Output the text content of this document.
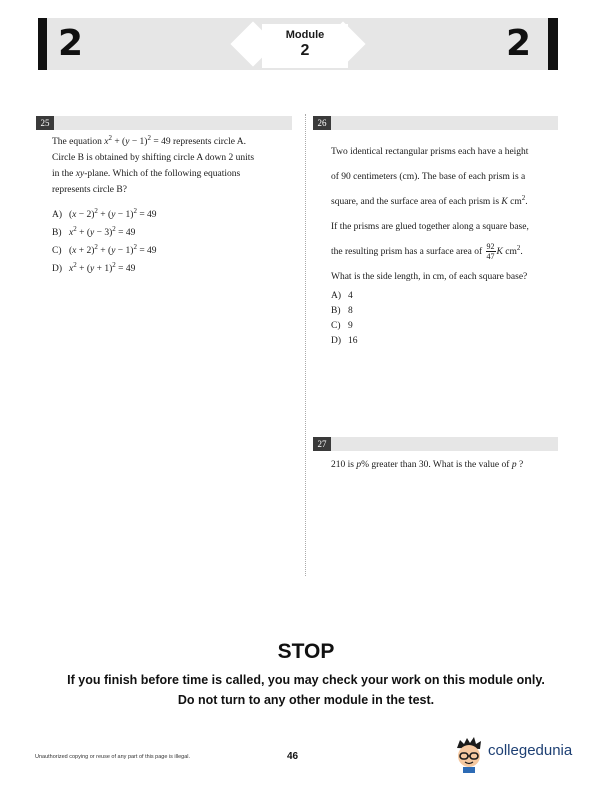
2	2
Module
2
25
The equation $x^2 + (y - 1)^2 = 49$ represents circle A.
Circle B is obtained by shifting circle A down 2 units
in the xy-plane. Which of the following equations
represents circle B?
A) $(x - 2)^2 + (y - 1)^2 = 49$
B) $x^2 + (y - 3)^2 = 49$
C) $(x + 2)^2 + (y - 1)^2 = 49$
D) $x^2 + (y + 1)^2 = 49$
26
Two identical rectangular prisms each have a height
of 90 centimeters (cm). The base of each prism is a
square, and the surface area of each prism is K $cm^2$.
If the prisms are glued together along a square base,
the resulting prism has a surface area of $\frac{92}{47}$ K $cm^2$.
What is the side length, in cm, of each square base?
A) 4
B) 8
C) 9
D) 16
27
210 is p% greater than 30. What is the value of p ?
STOP
If you finish before time is called, you may check your work on this module only.
Do not turn to any other module in the test.
Unauthorized copying or reuse of any part of this page is illegal.	46	collegedunia
